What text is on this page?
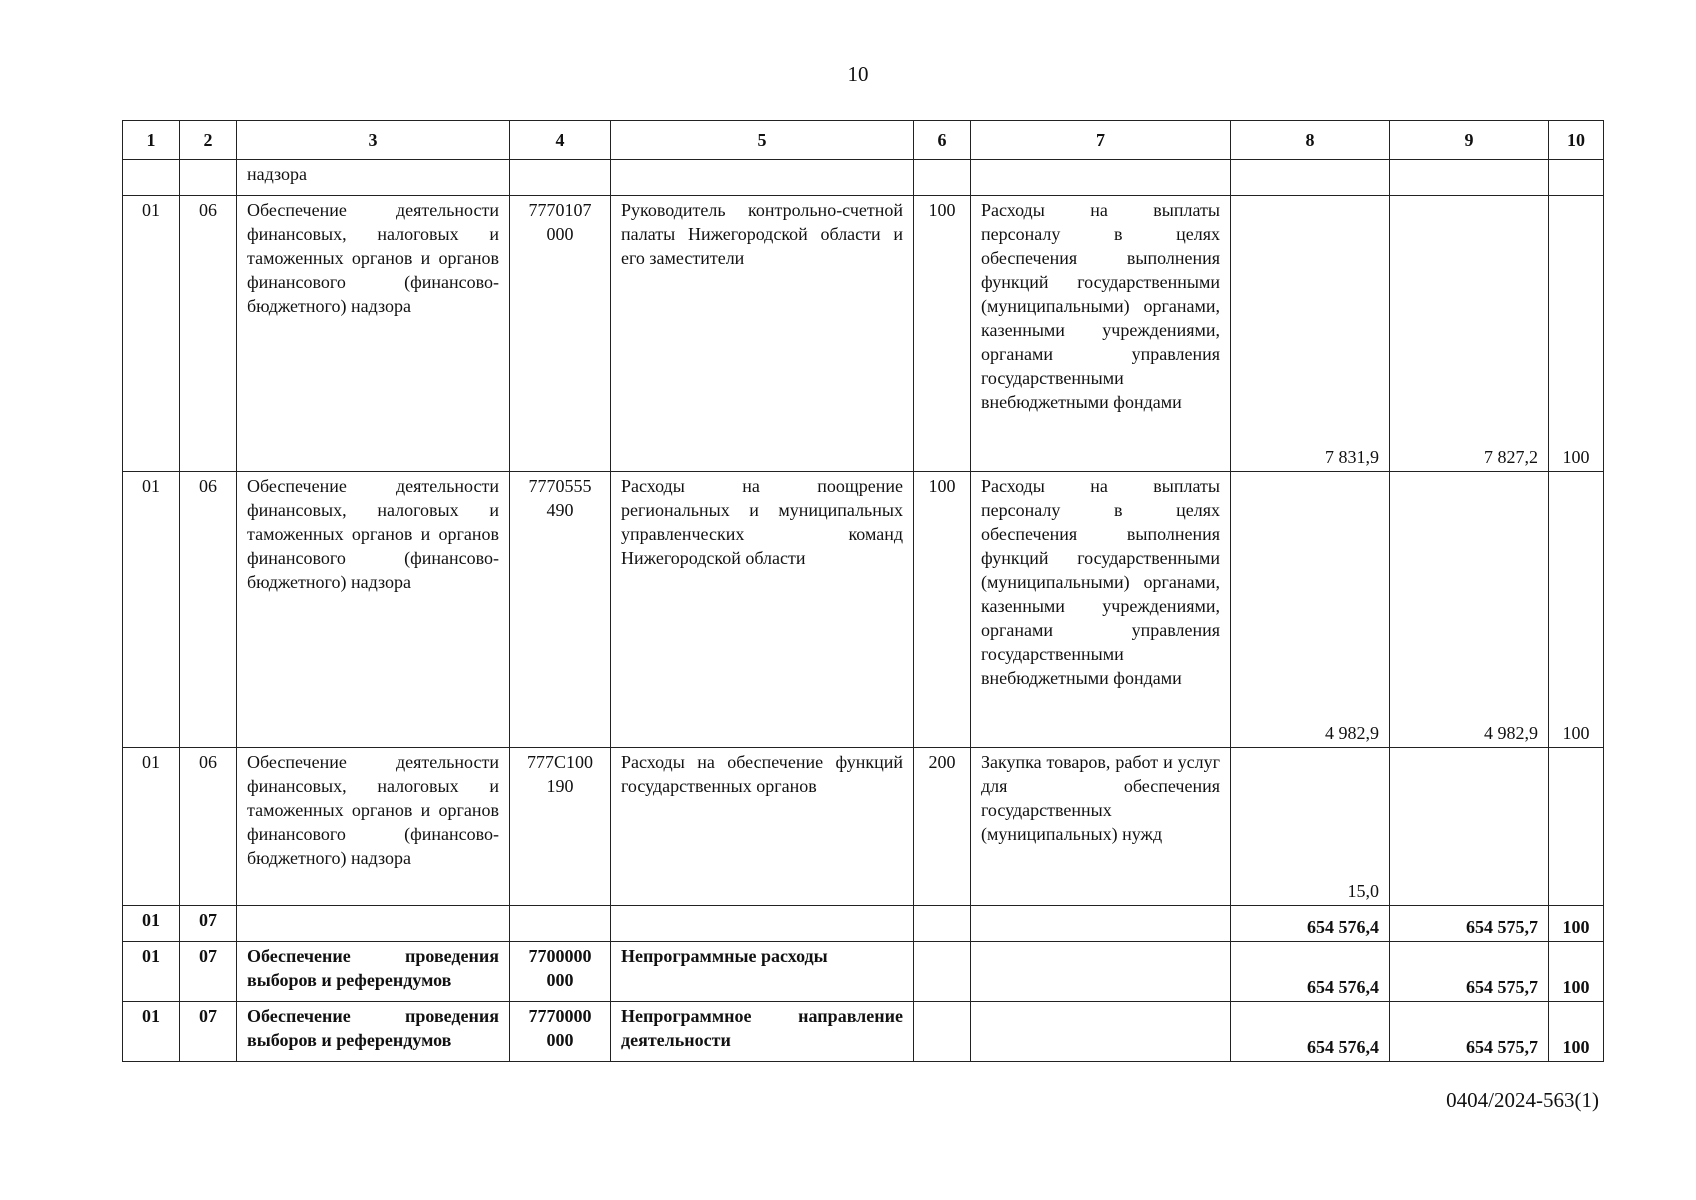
10
1	2	3	4	5	6	7	8	9	10
		надзора							
01	06	Обеспечение деятельности финансовых, налоговых и таможенных органов и органов финансового (финансово-бюджетного) надзора	7770107 000	Руководитель контрольно-счетной палаты Нижегородской области и его заместители	100	Расходы на выплаты персоналу в целях обеспечения выполнения функций государственными (муниципальными) органами, казенными учреждениями, органами управления государственными внебюджетными фондами	7 831,9	7 827,2	100
01	06	Обеспечение деятельности финансовых, налоговых и таможенных органов и органов финансового (финансово-бюджетного) надзора	7770555 490	Расходы на поощрение региональных и муниципальных управленческих команд Нижегородской области	100	Расходы на выплаты персоналу в целях обеспечения выполнения функций государственными (муниципальными) органами, казенными учреждениями, органами управления государственными внебюджетными фондами	4 982,9	4 982,9	100
01	06	Обеспечение деятельности финансовых, налоговых и таможенных органов и органов финансового (финансово-бюджетного) надзора	777С100 190	Расходы на обеспечение функций государственных органов	200	Закупка товаров, работ и услуг для обеспечения государственных (муниципальных) нужд	15,0		
01	07						654 576,4	654 575,7	100
01	07	Обеспечение проведения выборов и референдумов	7700000 000	Непрограммные расходы			654 576,4	654 575,7	100
01	07	Обеспечение проведения выборов и референдумов	7770000 000	Непрограммное направление деятельности			654 576,4	654 575,7	100
0404/2024-563(1)
